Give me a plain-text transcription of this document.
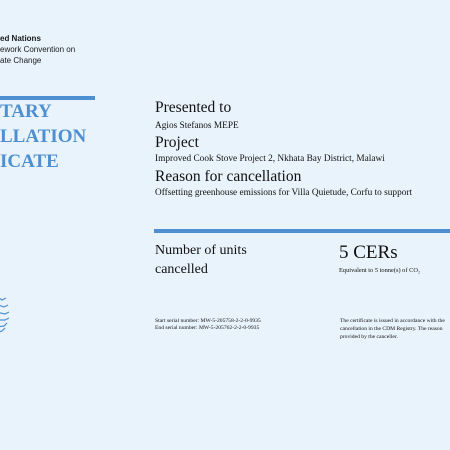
ed Nations
ework Convention on
ate Change
TARY
LLATION
ICATE
Presented to
Agios Stefanos MEPE
Project
Improved Cook Stove Project 2, Nkhata Bay District, Malawi
Reason for cancellation
Offsetting greenhouse emissions for Villa Quietude, Corfu to support
Number of units
cancelled
5 CERs
Equivalent to 5 tonne(s) of CO₂
Start serial number: MW-5-205758-2-2-0-9935
End serial number: MW-5-205762-2-2-0-9935
The certificate is issued in accordance with the
cancellation in the CDM Registry. The reason
provided by the canceller.
